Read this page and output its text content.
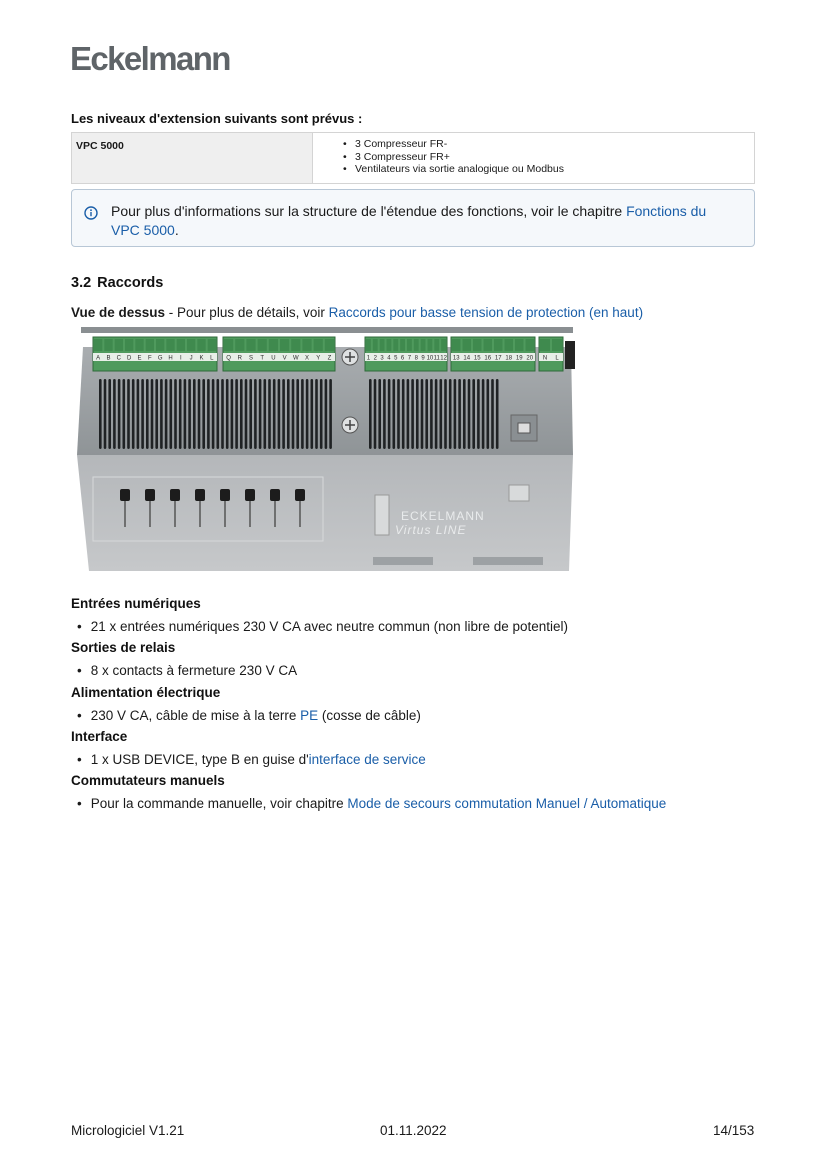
Eckelmann
Les niveaux d'extension suivants sont prévus :
VPC 5000
•	3 Compresseur FR-
• 3 Compresseur FR+
• Ventilateurs via sortie analogique ou Modbus
Pour plus d'informations sur la structure de l'étendue des fonctions, voir le chapitre Fonctions du VPC 5000.
3.2 Raccords
Vue de dessus - Pour plus de détails, voir Raccords pour basse tension de protection (en haut)
A B C D E F G H I J K L Q R S T U V W X Y Z	1 2 3 4 5 6 7 8 9 10 11 12 13 14 15 16 17 18 19 20 N L
ECKELMANN
Virtus LINE
Entrées numériques
• 21 x entrées numériques 230 V CA avec neutre commun (non libre de potentiel)
Sorties de relais
• 8 x contacts à fermeture 230 V CA
Alimentation électrique
• 230 V CA, câble de mise à la terre PE (cosse de câble)
Interface
• 1 x USB DEVICE, type B en guise d'interface de service
Commutateurs manuels
• Pour la commande manuelle, voir chapitre Mode de secours commutation Manuel / Automatique
Micrologiciel V1.21	01.11.2022	14/153
